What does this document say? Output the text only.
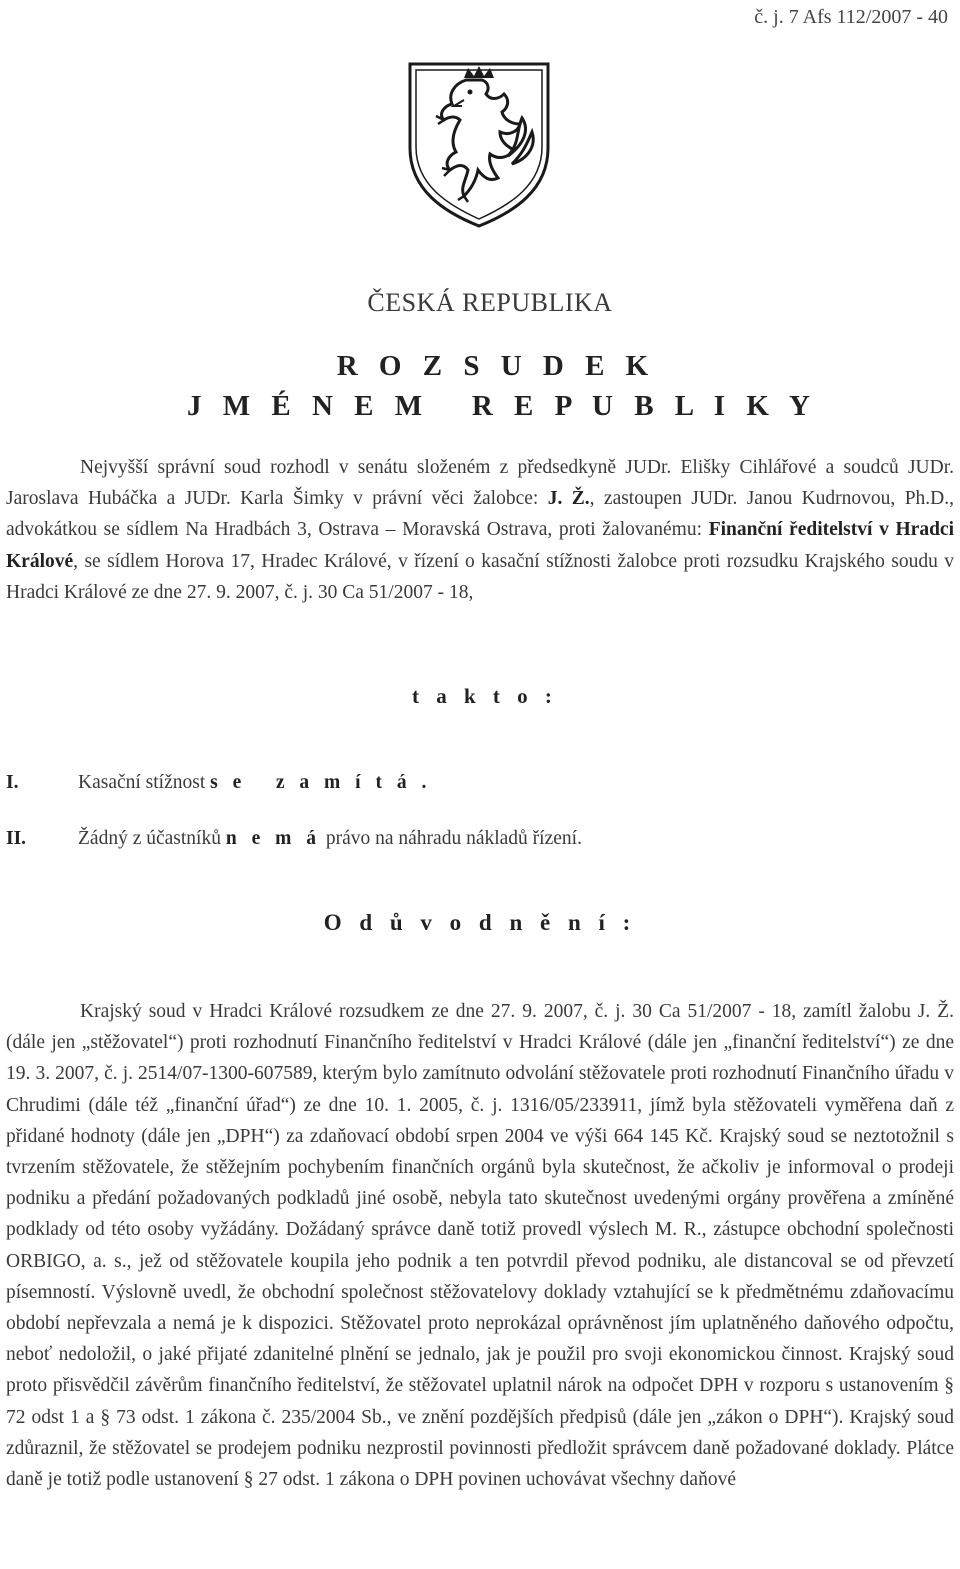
č. j. 7 Afs 112/2007 - 40
ČESKÁ REPUBLIKA
R O Z S U D E K
J M É N E M   R E P U B L I K Y
Nejvyšší správní soud rozhodl v senátu složeném z předsedkyně JUDr. Elišky Cihlářové a soudců JUDr. Jaroslava Hubáčka a JUDr. Karla Šimky v právní věci žalobce: J. Ž., zastoupen JUDr. Janou Kudrnovou, Ph.D., advokátkou se sídlem Na Hradbách 3, Ostrava – Moravská Ostrava, proti žalovanému: Finanční ředitelství v Hradci Králové, se sídlem Horova 17, Hradec Králové, v řízení o kasační stížnosti žalobce proti rozsudku Krajského soudu v Hradci Králové ze dne 27. 9. 2007, č. j. 30 Ca 51/2007 - 18,
t a k t o :
I.	Kasační stížnost s e   z a m í t á .
II.	Žádný z účastníků n e m á právo na náhradu nákladů řízení.
O d ů v o d n ě n í :
Krajský soud v Hradci Králové rozsudkem ze dne 27. 9. 2007, č. j. 30 Ca 51/2007 - 18, zamítl žalobu J. Ž. (dále jen „stěžovatel“) proti rozhodnutí Finančního ředitelství v Hradci Králové (dále jen „finanční ředitelství“) ze dne 19. 3. 2007, č. j. 2514/07-1300-607589, kterým bylo zamítnuto odvolání stěžovatele proti rozhodnutí Finančního úřadu v Chrudimi (dále též „finanční úřad“) ze dne 10. 1. 2005, č. j. 1316/05/233911, jímž byla stěžovateli vyměřena daň z přidané hodnoty (dále jen „DPH“) za zdaňovací období srpen 2004 ve výši 664 145 Kč. Krajský soud se neztotožnil s tvrzením stěžovatele, že stěžejním pochybením finančních orgánů byla skutečnost, že ačkoliv je informoval o prodeji podniku a předání požadovaných podkladů jiné osobě, nebyla tato skutečnost uvedenými orgány prověřena a zmíněné podklady od této osoby vyžádány. Dožádaný správce daně totiž provedl výslech M. R., zástupce obchodní společnosti ORBIGO, a. s., jež od stěžovatele koupila jeho podnik a ten potvrdil převod podniku, ale distancoval se od převzetí písemností. Výslovně uvedl, že obchodní společnost stěžovatelovy doklady vztahující se k předmětnému zdaňovacímu období nepřevzala a nemá je k dispozici. Stěžovatel proto neprokázal oprávněnost jím uplatněného daňového odpočtu, neboť nedoložil, o jaké přijaté zdanitelné plnění se jednalo, jak je použil pro svoji ekonomickou činnost. Krajský soud proto přisvědčil závěrům finančního ředitelství, že stěžovatel uplatnil nárok na odpočet DPH v rozporu s ustanovením § 72 odst 1 a § 73 odst. 1 zákona č. 235/2004 Sb., ve znění pozdějších předpisů (dále jen „zákon o DPH“). Krajský soud zdůraznil, že stěžovatel se prodejem podniku nezprostil povinnosti předložit správcem daně požadované doklady. Plátce daně je totiž podle ustanovení § 27 odst. 1 zákona o DPH povinen uchovávat všechny daňové
